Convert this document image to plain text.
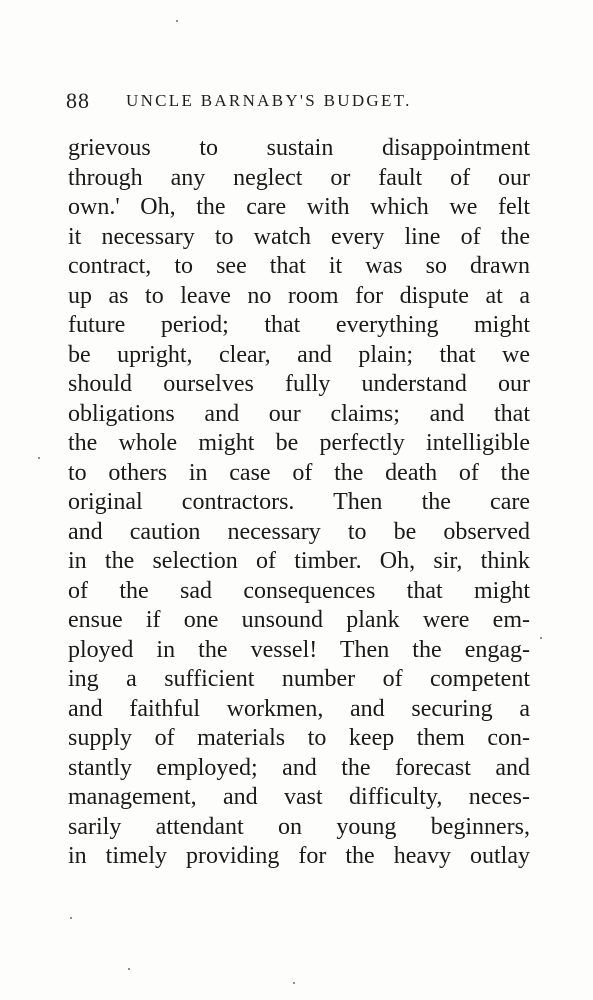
88 UNCLE BARNABY'S BUDGET.
grievous to sustain disappointment
through any neglect or fault of our
own.' Oh, the care with which we felt
it necessary to watch every line of the
contract, to see that it was so drawn
up as to leave no room for dispute at a
future period; that everything might
be upright, clear, and plain; that we
should ourselves fully understand our
obligations and our claims; and that
the whole might be perfectly intelligible
to others in case of the death of the
original contractors. Then the care
and caution necessary to be observed
in the selection of timber. Oh, sir, think
of the sad consequences that might
ensue if one unsound plank were em-
ployed in the vessel! Then the engag-
ing a sufficient number of competent
and faithful workmen, and securing a
supply of materials to keep them con-
stantly employed; and the forecast and
management, and vast difficulty, neces-
sarily attendant on young beginners,
in timely providing for the heavy outlay
